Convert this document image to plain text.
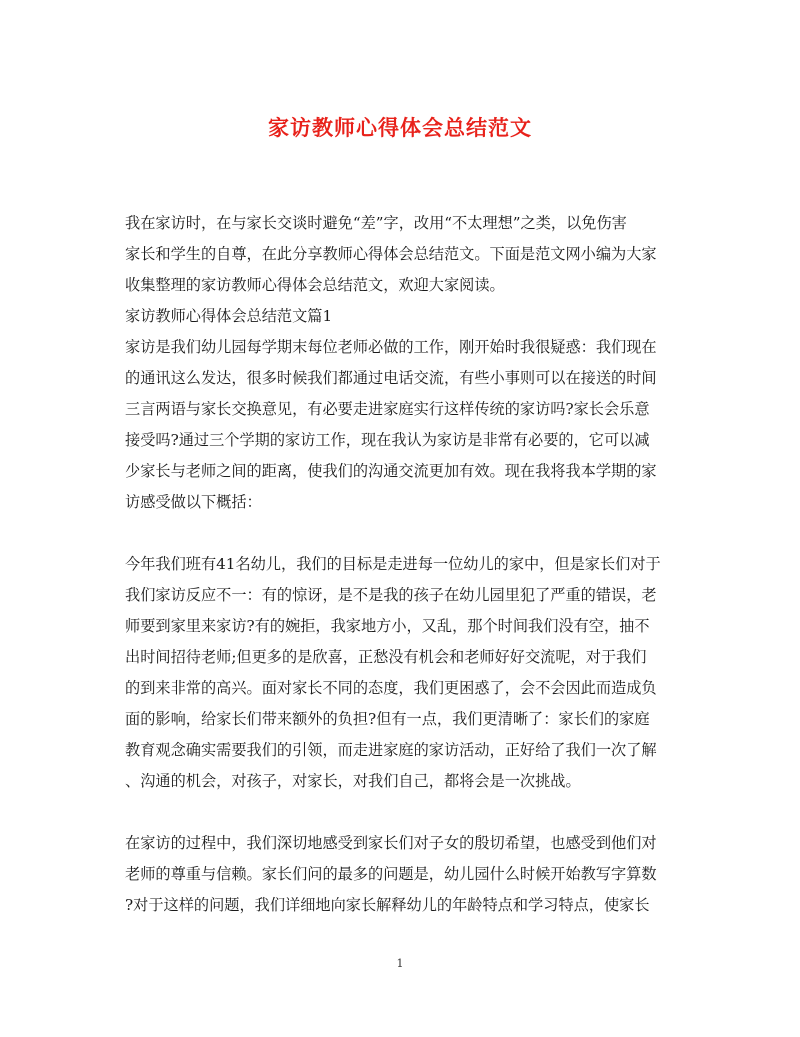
家访教师心得体会总结范文
我在家访时，在与家长交谈时避免“差”字，改用“不太理想”之类，以免伤害
家长和学生的自尊，在此分享教师心得体会总结范文。下面是范文网小编为大家
收集整理的家访教师心得体会总结范文，欢迎大家阅读。
家访教师心得体会总结范文篇1
家访是我们幼儿园每学期末每位老师必做的工作，刚开始时我很疑惑：我们现在
的通讯这么发达，很多时候我们都通过电话交流，有些小事则可以在接送的时间
三言两语与家长交换意见，有必要走进家庭实行这样传统的家访吗?家长会乐意
接受吗?通过三个学期的家访工作，现在我认为家访是非常有必要的，它可以减
少家长与老师之间的距离，使我们的沟通交流更加有效。现在我将我本学期的家
访感受做以下概括：
今年我们班有41名幼儿，我们的目标是走进每一位幼儿的家中，但是家长们对于
我们家访反应不一：有的惊讶，是不是我的孩子在幼儿园里犯了严重的错误，老
师要到家里来家访?有的婉拒，我家地方小，又乱，那个时间我们没有空，抽不
出时间招待老师;但更多的是欣喜，正愁没有机会和老师好好交流呢，对于我们
的到来非常的高兴。面对家长不同的态度，我们更困惑了，会不会因此而造成负
面的影响，给家长们带来额外的负担?但有一点，我们更清晰了：家长们的家庭
教育观念确实需要我们的引领，而走进家庭的家访活动，正好给了我们一次了解
、沟通的机会，对孩子，对家长，对我们自己，都将会是一次挑战。
在家访的过程中，我们深切地感受到家长们对子女的殷切希望，也感受到他们对
老师的尊重与信赖。家长们问的最多的问题是，幼儿园什么时候开始教写字算数
?对于这样的问题，我们详细地向家长解释幼儿的年龄特点和学习特点，使家长
1
